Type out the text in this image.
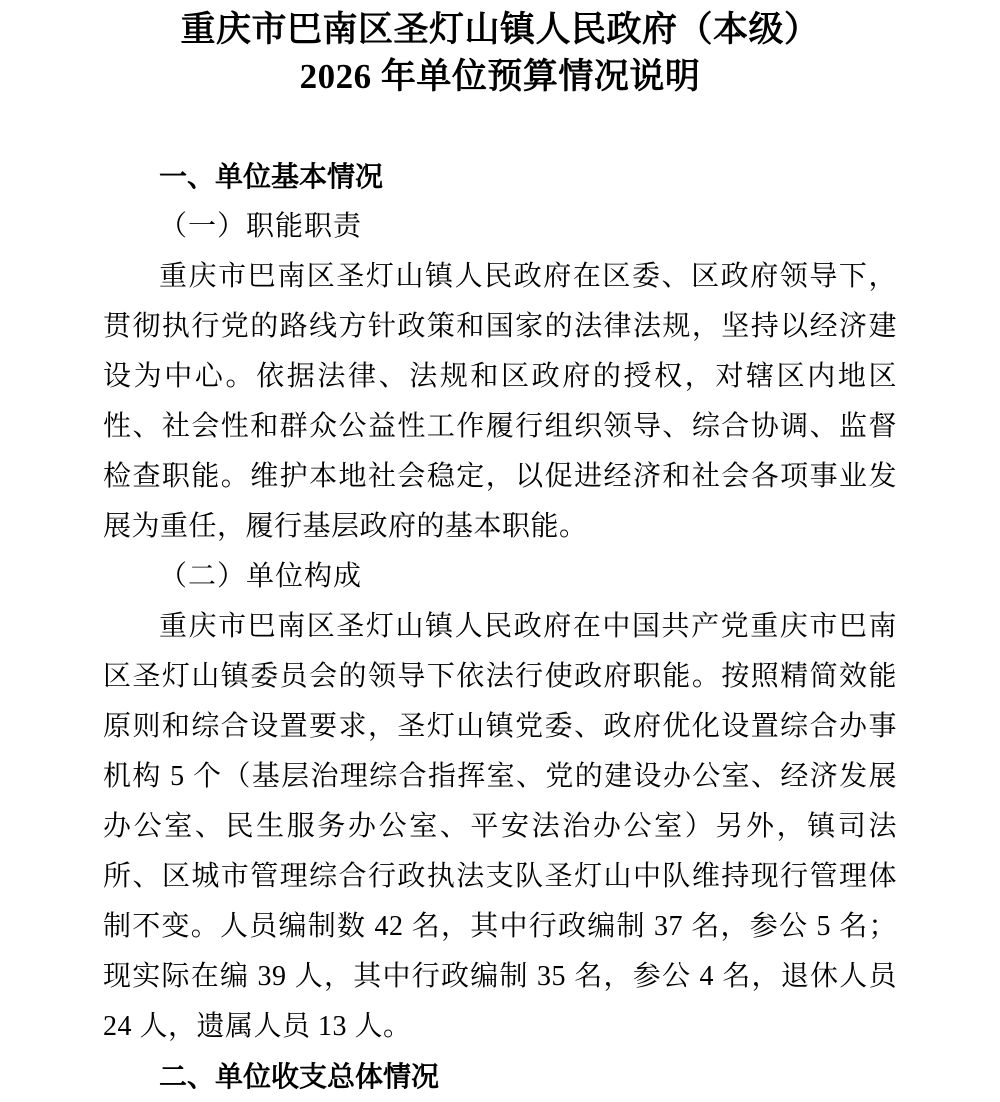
重庆市巴南区圣灯山镇人民政府（本级）
2026 年单位预算情况说明
一、单位基本情况
（一）职能职责

重庆市巴南区圣灯山镇人民政府在区委、区政府领导下，贯彻执行党的路线方针政策和国家的法律法规，坚持以经济建设为中心。依据法律、法规和区政府的授权，对辖区内地区性、社会性和群众公益性工作履行组织领导、综合协调、监督检查职能。维护本地社会稳定，以促进经济和社会各项事业发展为重任，履行基层政府的基本职能。

（二）单位构成

重庆市巴南区圣灯山镇人民政府在中国共产党重庆市巴南区圣灯山镇委员会的领导下依法行使政府职能。按照精简效能原则和综合设置要求，圣灯山镇党委、政府优化设置综合办事机构 5 个（基层治理综合指挥室、党的建设办公室、经济发展办公室、民生服务办公室、平安法治办公室）另外，镇司法所、区城市管理综合行政执法支队圣灯山中队维持现行管理体制不变。人员编制数 42 名，其中行政编制 37 名，参公 5 名；现实际在编 39 人，其中行政编制 35 名，参公 4 名，退休人员 24 人，遗属人员 13 人。

二、单位收支总体情况
